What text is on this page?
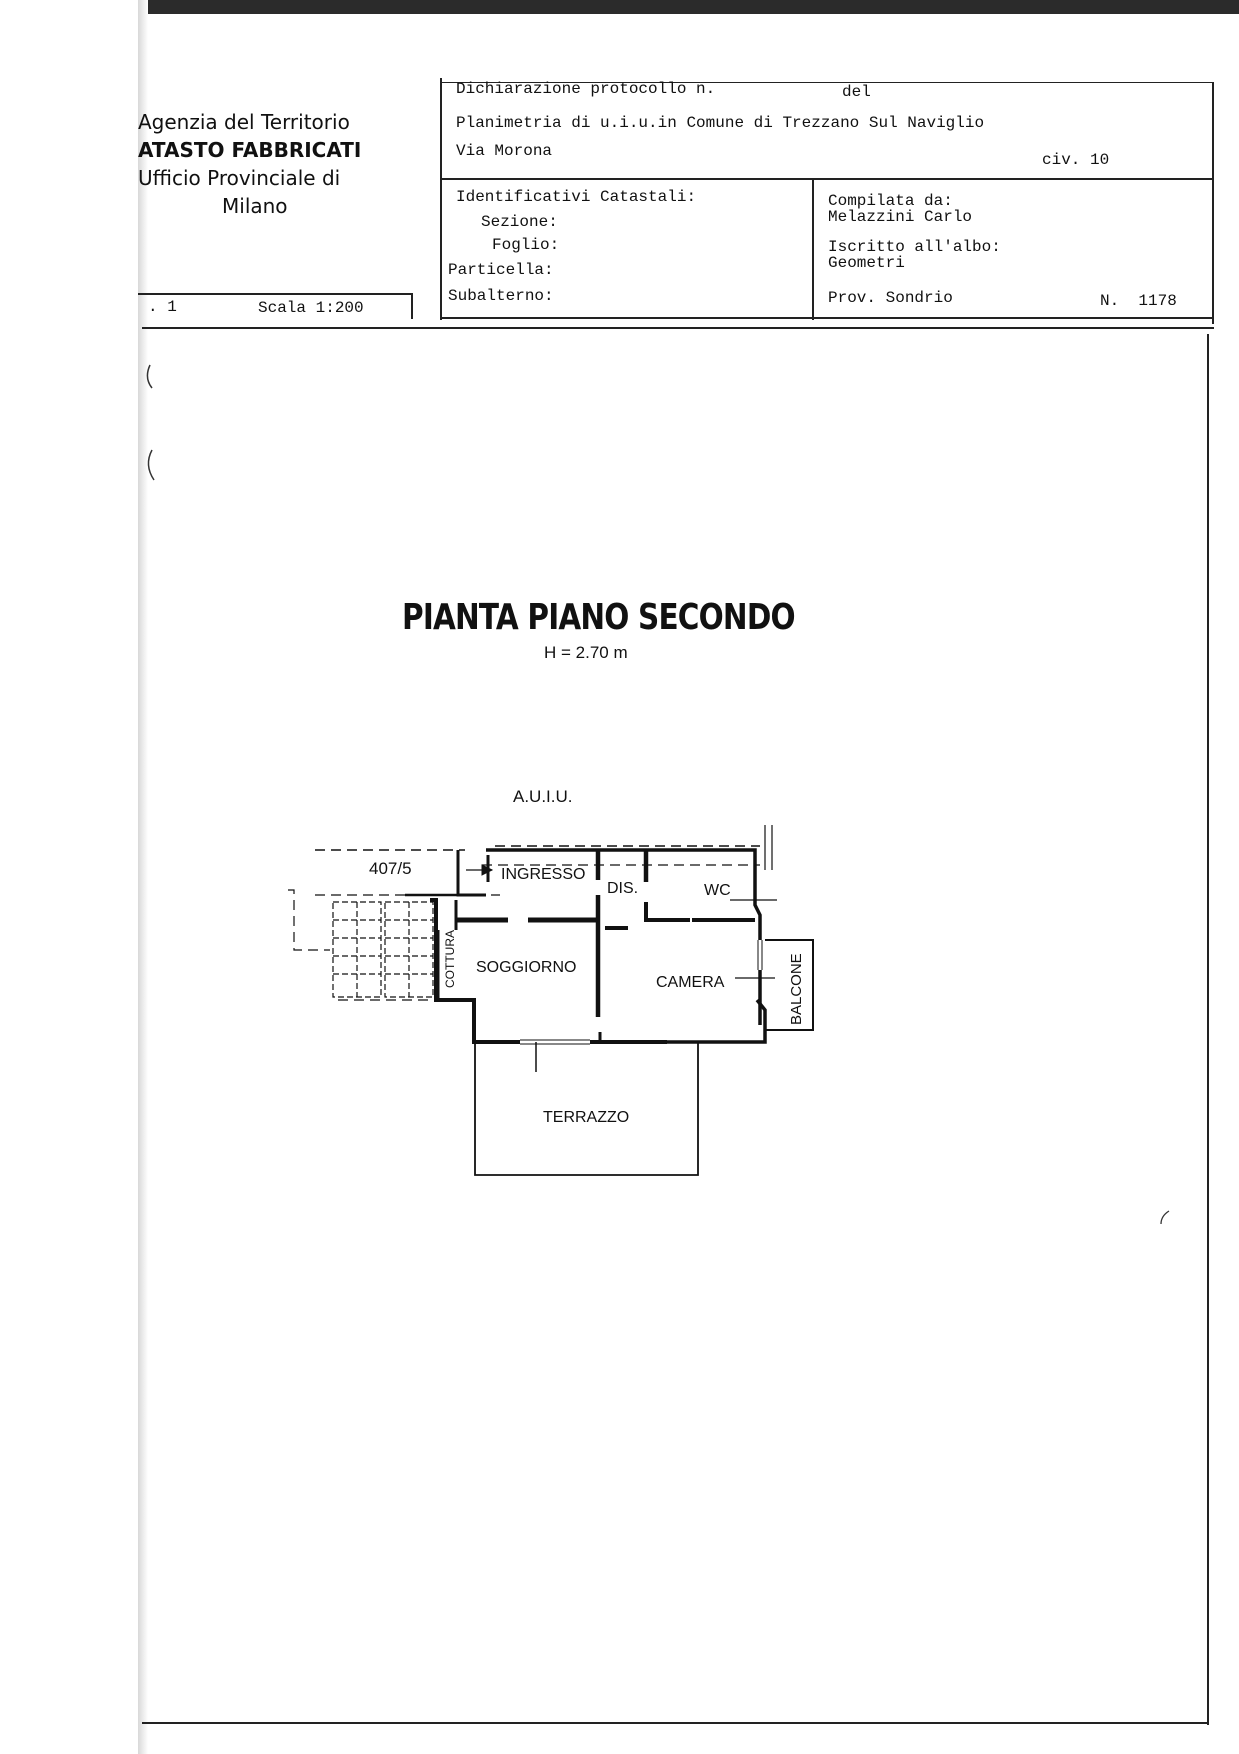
Agenzia del Territorio
ATASTO FABBRICATI
Ufficio Provinciale di
Milano
. 1	Scala 1:200
Dichiarazione protocollo n.	del
Planimetria di u.i.u.in Comune di Trezzano Sul Naviglio
Via Morona	civ. 10
Identificativi Catastali:
Sezione:
Foglio:
Particella:
Subalterno:
Compilata da:
Melazzini Carlo
Iscritto all'albo:
Geometri
Prov. Sondrio	N.  1178
PIANTA PIANO SECONDO
H = 2.70 m
A.U.I.U.
407/5	INGRESSO
DIS.	WC
SOGGIORNO
CAMERA
TERRAZZO
COTTURA	BALCONE
